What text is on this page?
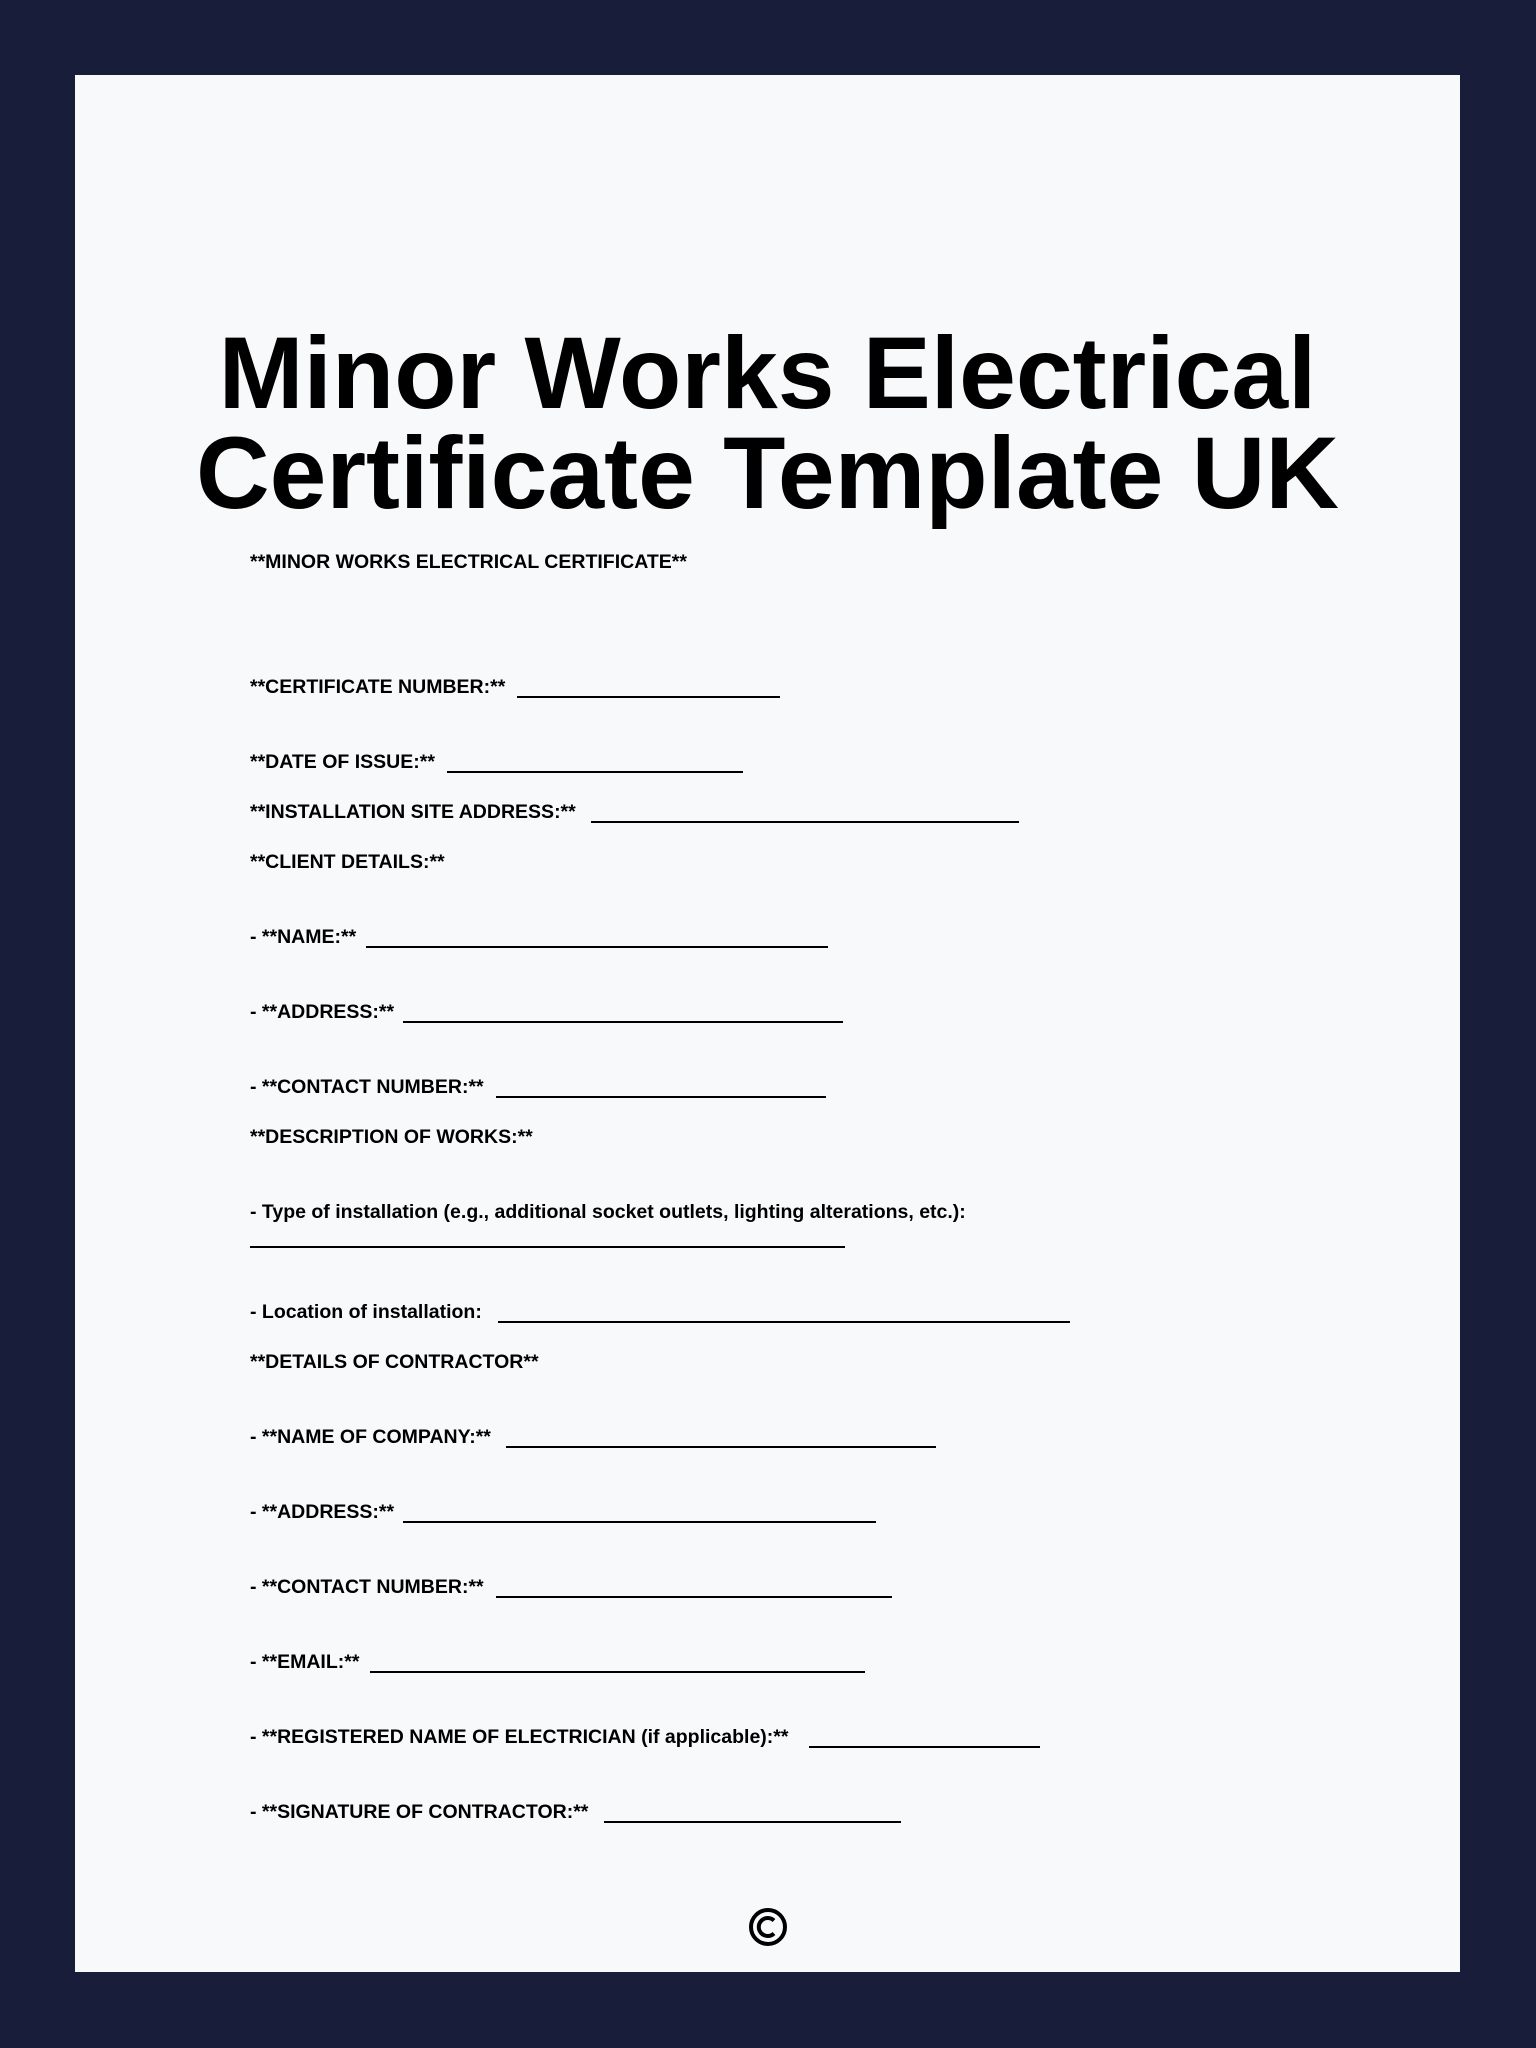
Minor Works Electrical
Certificate Template UK
**MINOR WORKS ELECTRICAL CERTIFICATE**
**CERTIFICATE NUMBER:**
**DATE OF ISSUE:**
**INSTALLATION SITE ADDRESS:**
**CLIENT DETAILS:**
- **NAME:**
- **ADDRESS:**
- **CONTACT NUMBER:**
**DESCRIPTION OF WORKS:**
- Type of installation (e.g., additional socket outlets, lighting alterations, etc.):
- Location of installation:
**DETAILS OF CONTRACTOR**
- **NAME OF COMPANY:**
- **ADDRESS:**
- **CONTACT NUMBER:**
- **EMAIL:**
- **REGISTERED NAME OF ELECTRICIAN (if applicable):**
- **SIGNATURE OF CONTRACTOR:**
